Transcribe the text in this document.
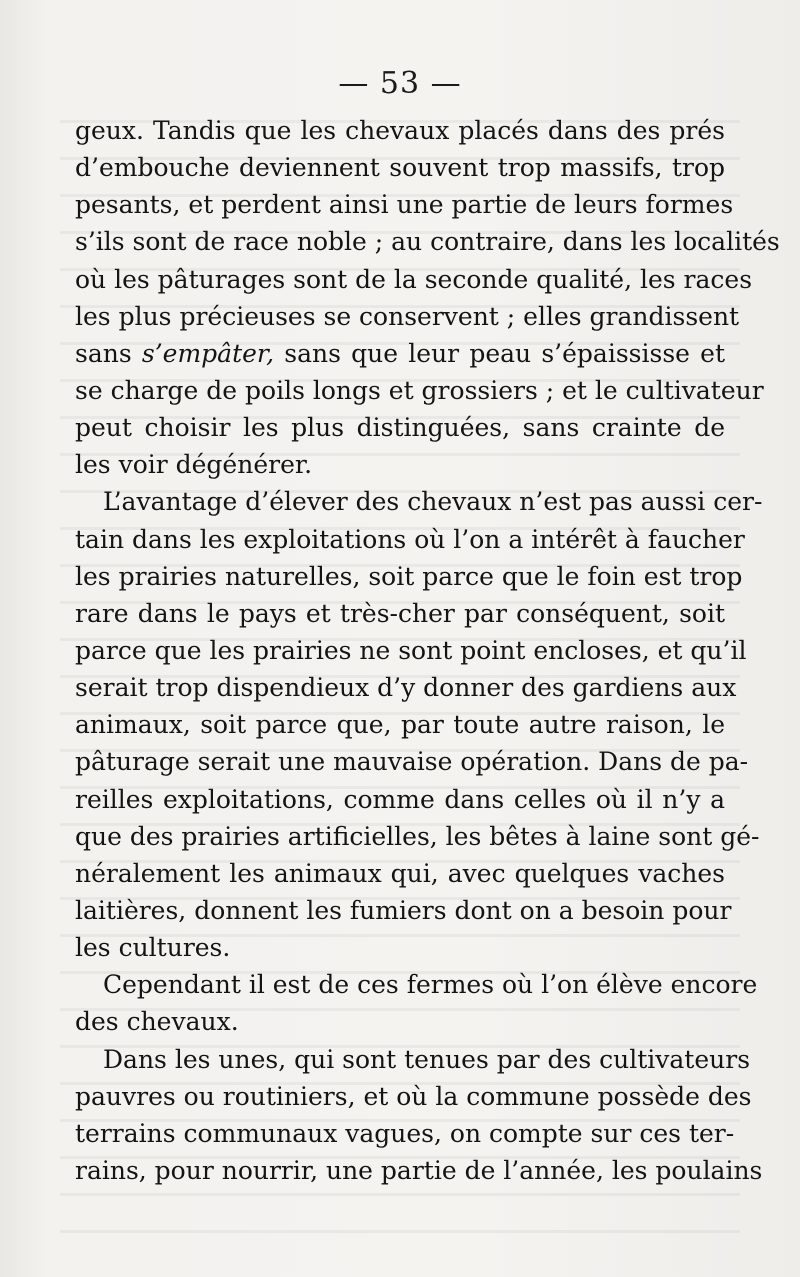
— 53 —
geux. Tandis que les chevaux placés dans des prés
d’embouche deviennent souvent trop massifs, trop
pesants, et perdent ainsi une partie de leurs formes
s’ils sont de race noble ; au contraire, dans les localités
où les pâturages sont de la seconde qualité, les races
les plus précieuses se conservent ; elles grandissent
sans s’empâter, sans que leur peau s’épaississe et
se charge de poils longs et grossiers ; et le cultivateur
peut choisir les plus distinguées, sans crainte de
les voir dégénérer.
L’avantage d’élever des chevaux n’est pas aussi cer-
tain dans les exploitations où l’on a intérêt à faucher
les prairies naturelles, soit parce que le foin est trop
rare dans le pays et très-cher par conséquent, soit
parce que les prairies ne sont point encloses, et qu’il
serait trop dispendieux d’y donner des gardiens aux
animaux, soit parce que, par toute autre raison, le
pâturage serait une mauvaise opération. Dans de pa-
reilles exploitations, comme dans celles où il n’y a
que des prairies artificielles, les bêtes à laine sont gé-
néralement les animaux qui, avec quelques vaches
laitières, donnent les fumiers dont on a besoin pour
les cultures.
Cependant il est de ces fermes où l’on élève encore
des chevaux.
Dans les unes, qui sont tenues par des cultivateurs
pauvres ou routiniers, et où la commune possède des
terrains communaux vagues, on compte sur ces ter-
rains, pour nourrir, une partie de l’année, les poulains
